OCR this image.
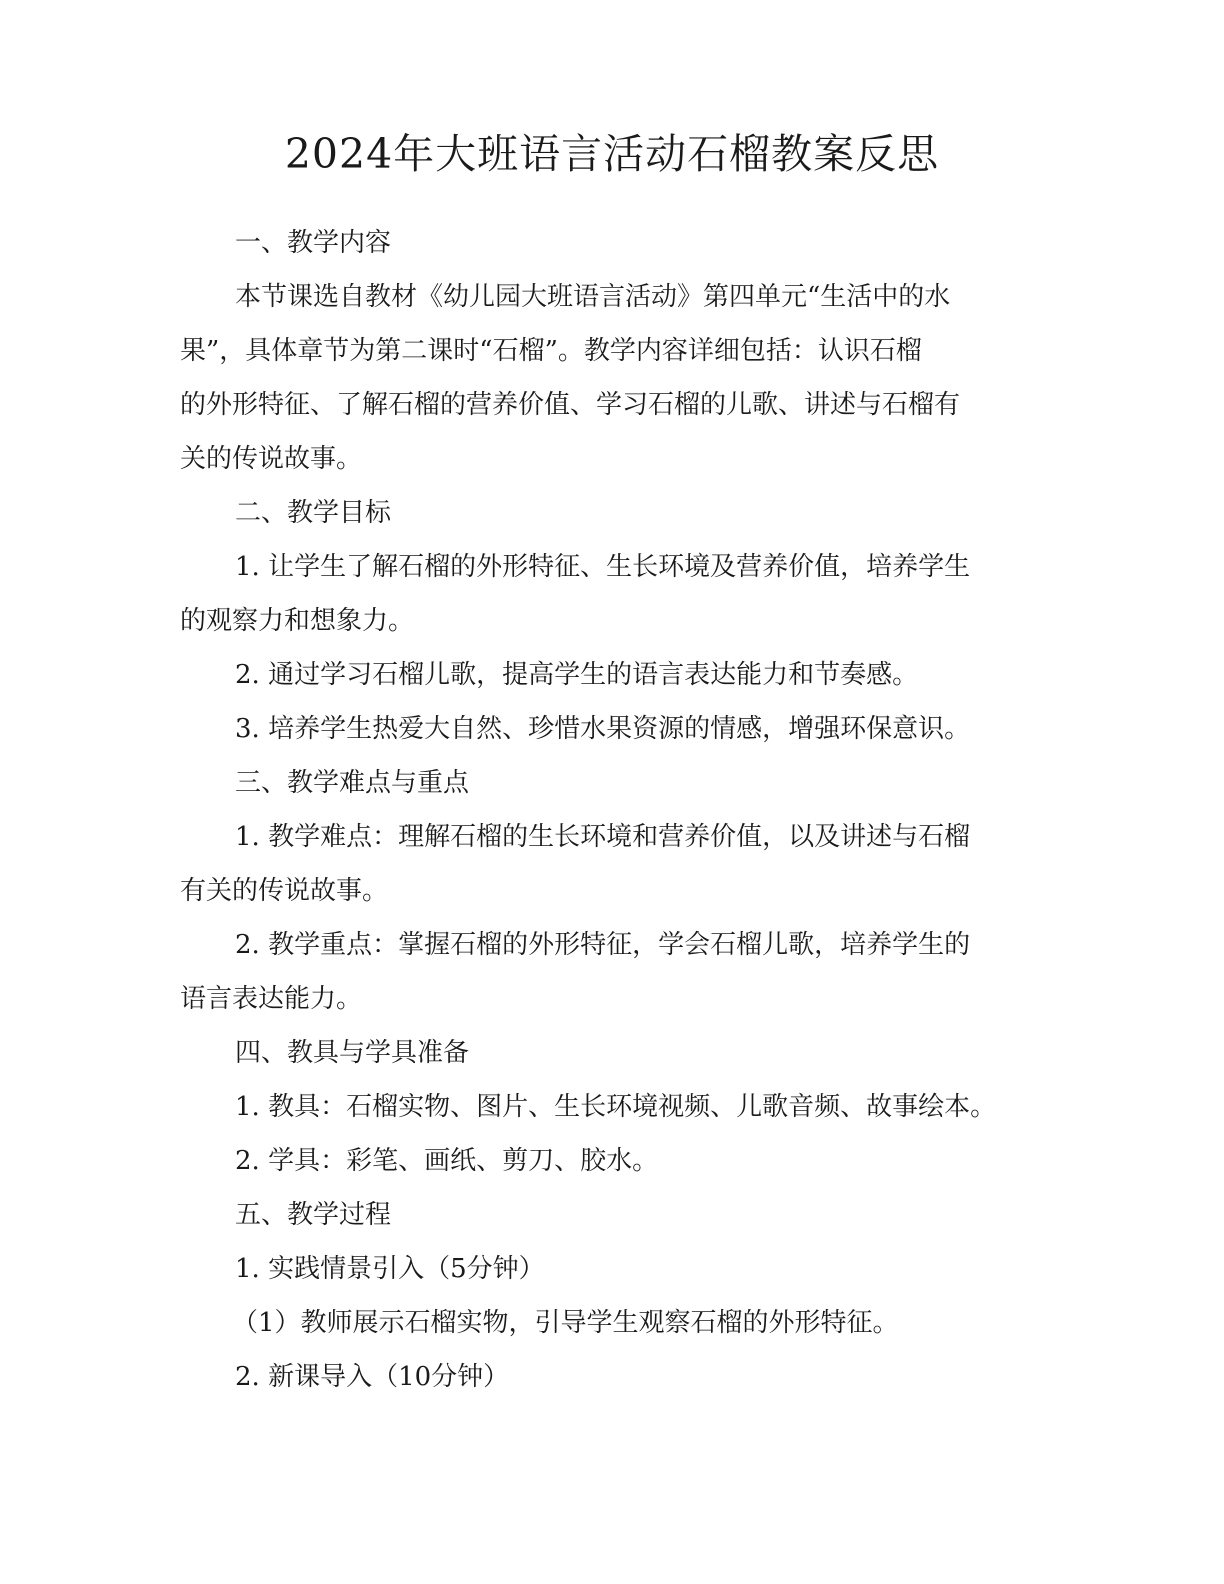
2024年大班语言活动石榴教案反思

一、教学内容

本节课选自教材《幼儿园大班语言活动》第四单元“生活中的水

果”，具体章节为第二课时“石榴”。教学内容详细包括：认识石榴

的外形特征、了解石榴的营养价值、学习石榴的儿歌、讲述与石榴有

关的传说故事。

二、教学目标

1. 让学生了解石榴的外形特征、生长环境及营养价值，培养学生

的观察力和想象力。

2. 通过学习石榴儿歌，提高学生的语言表达能力和节奏感。

3. 培养学生热爱大自然、珍惜水果资源的情感，增强环保意识。

三、教学难点与重点

1. 教学难点：理解石榴的生长环境和营养价值，以及讲述与石榴

有关的传说故事。

2. 教学重点：掌握石榴的外形特征，学会石榴儿歌，培养学生的

语言表达能力。

四、教具与学具准备

1. 教具：石榴实物、图片、生长环境视频、儿歌音频、故事绘本。

2. 学具：彩笔、画纸、剪刀、胶水。

五、教学过程

1. 实践情景引入（5分钟）

（1）教师展示石榴实物，引导学生观察石榴的外形特征。

2. 新课导入（10分钟）
